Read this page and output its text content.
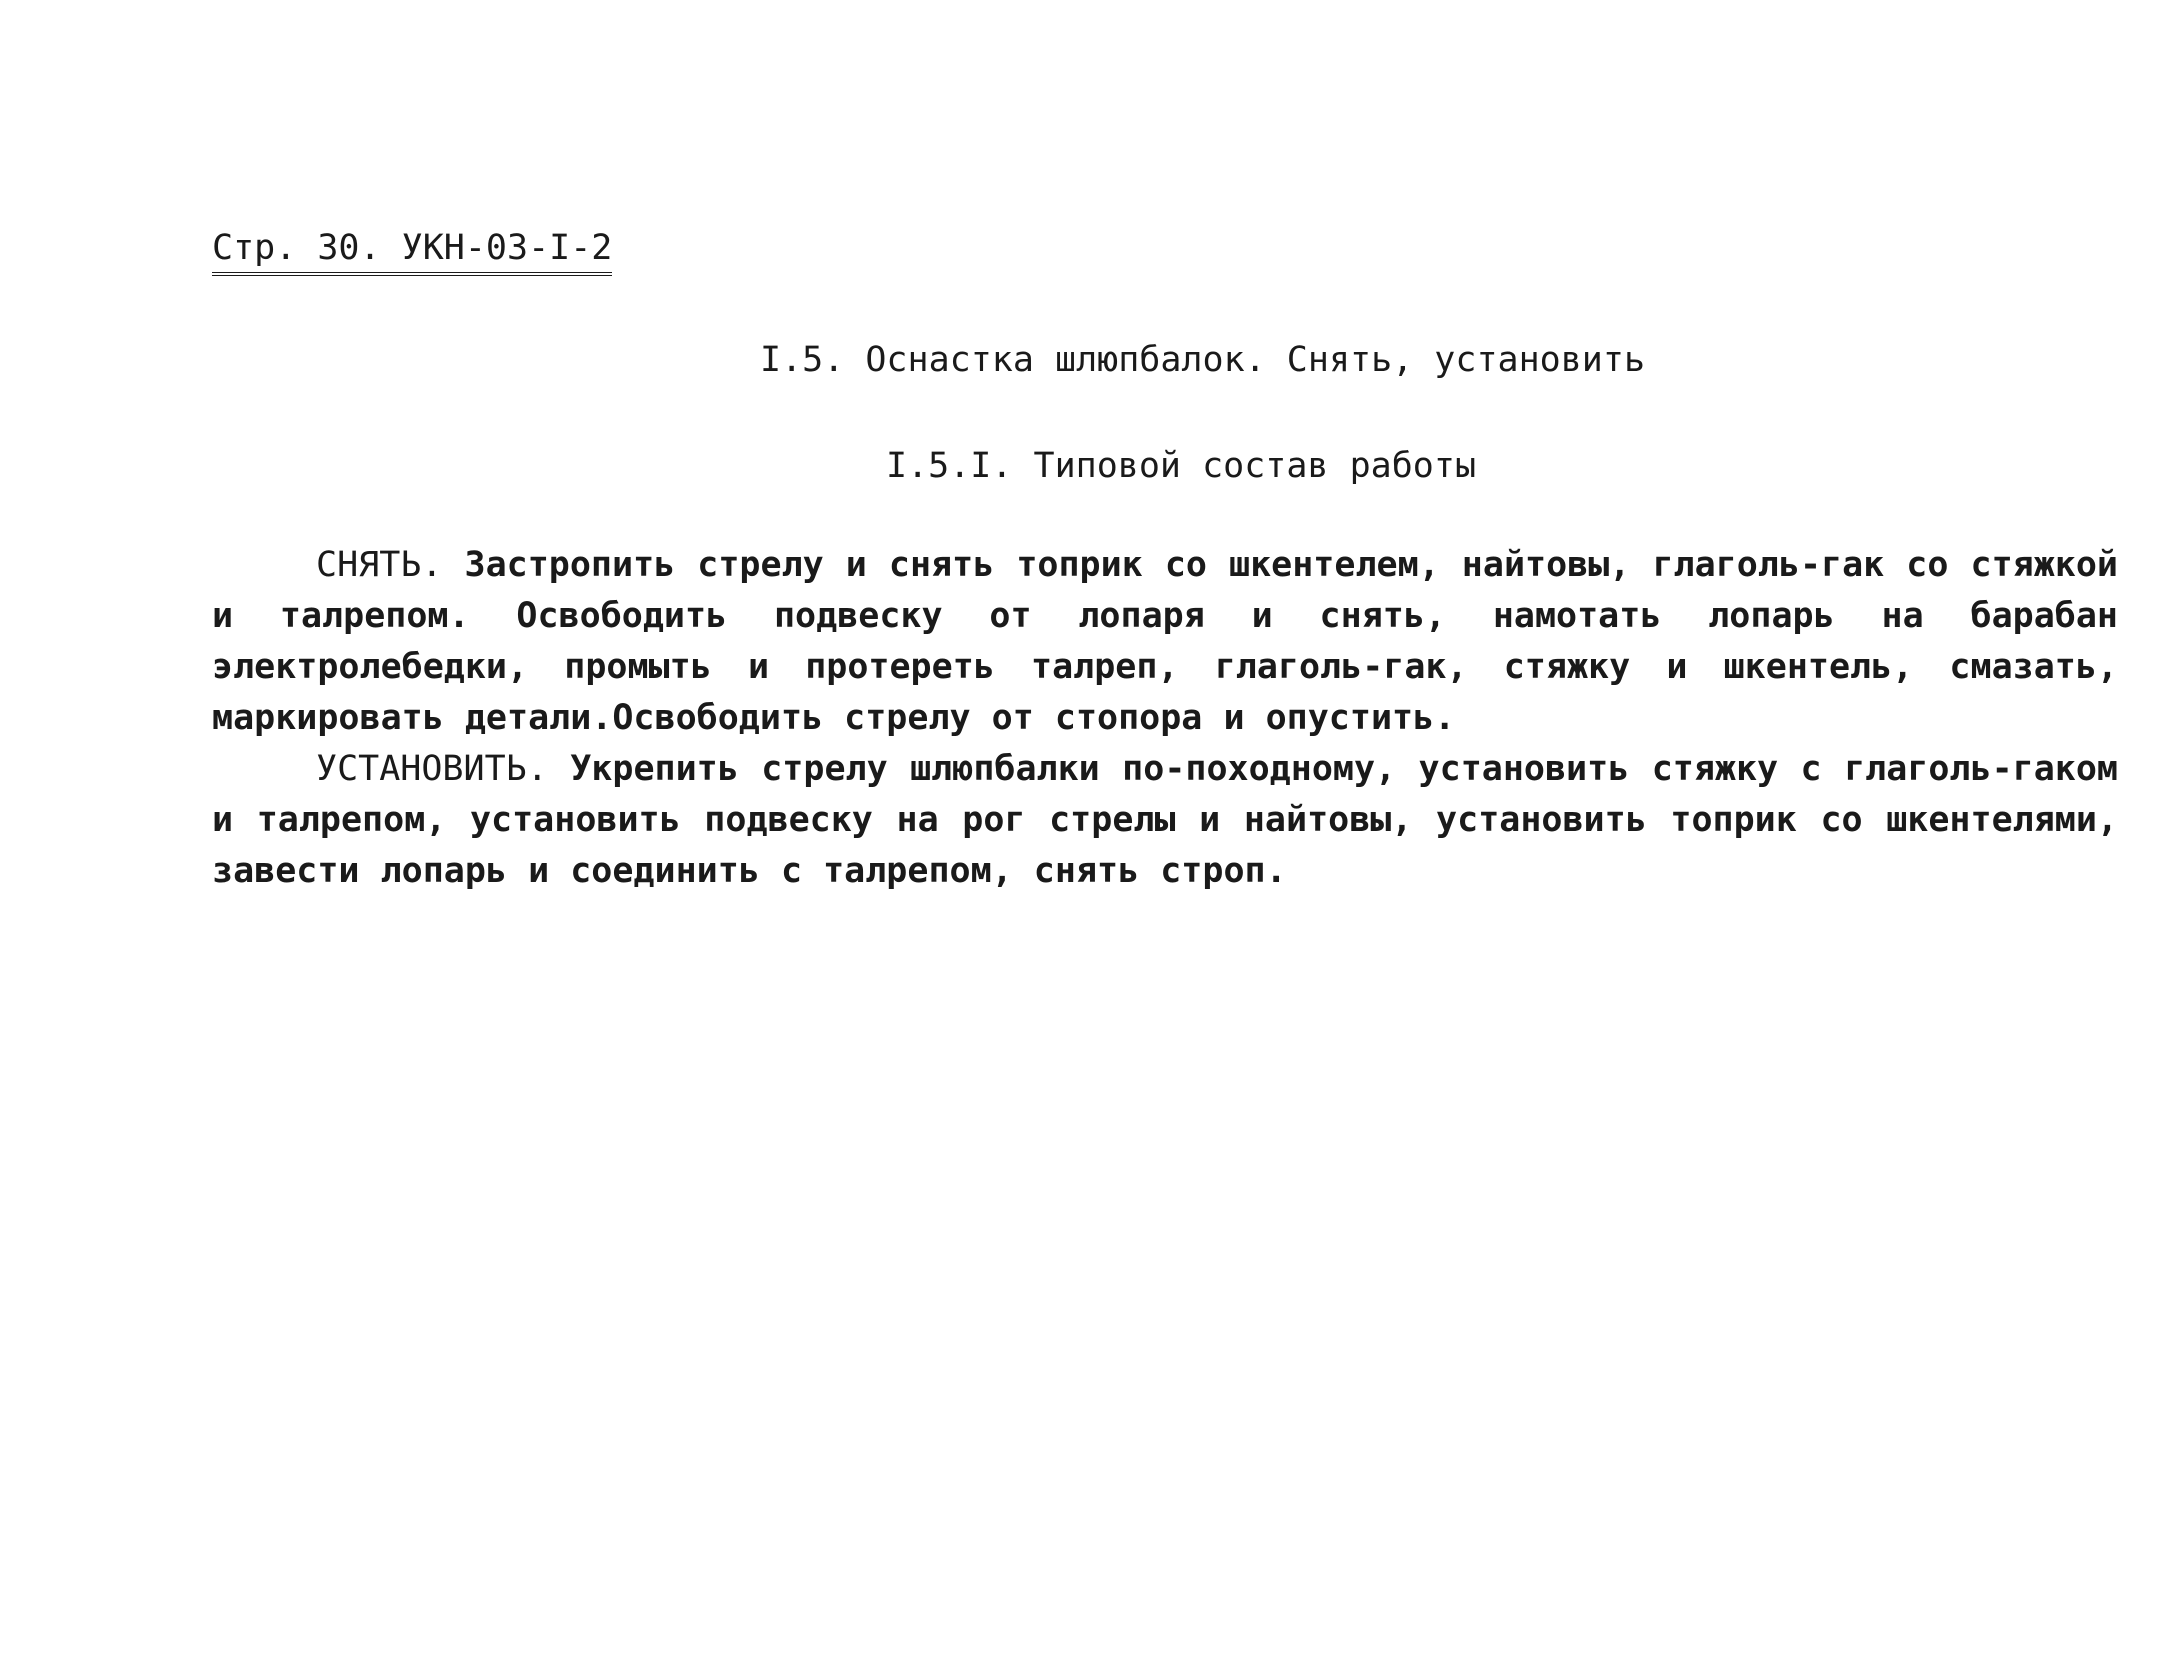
Стр. 30. УКН-03-I-2
I.5. Оснастка шлюпбалок. Снять, установить
I.5.I. Типовой состав работы

СНЯТЬ. Застропить стрелу и снять топрик со шкентелем, найтовы, глаголь-гак со стяжкой и талрепом. Освободить подвеску от лопаря и снять, намотать лопарь на барабан электролебедки, промыть и протереть талреп, глаголь-гак, стяжку и шкентель, смазать, маркировать детали.Освободить стрелу от стопора и опустить.

УСТАНОВИТЬ. Укрепить стрелу шлюпбалки по-походному, установить стяжку с глаголь-гаком и талрепом, установить подвеску на рог стрелы и найтовы, установить топрик со шкентелями, завести лопарь и соединить с талрепом, снять строп.
